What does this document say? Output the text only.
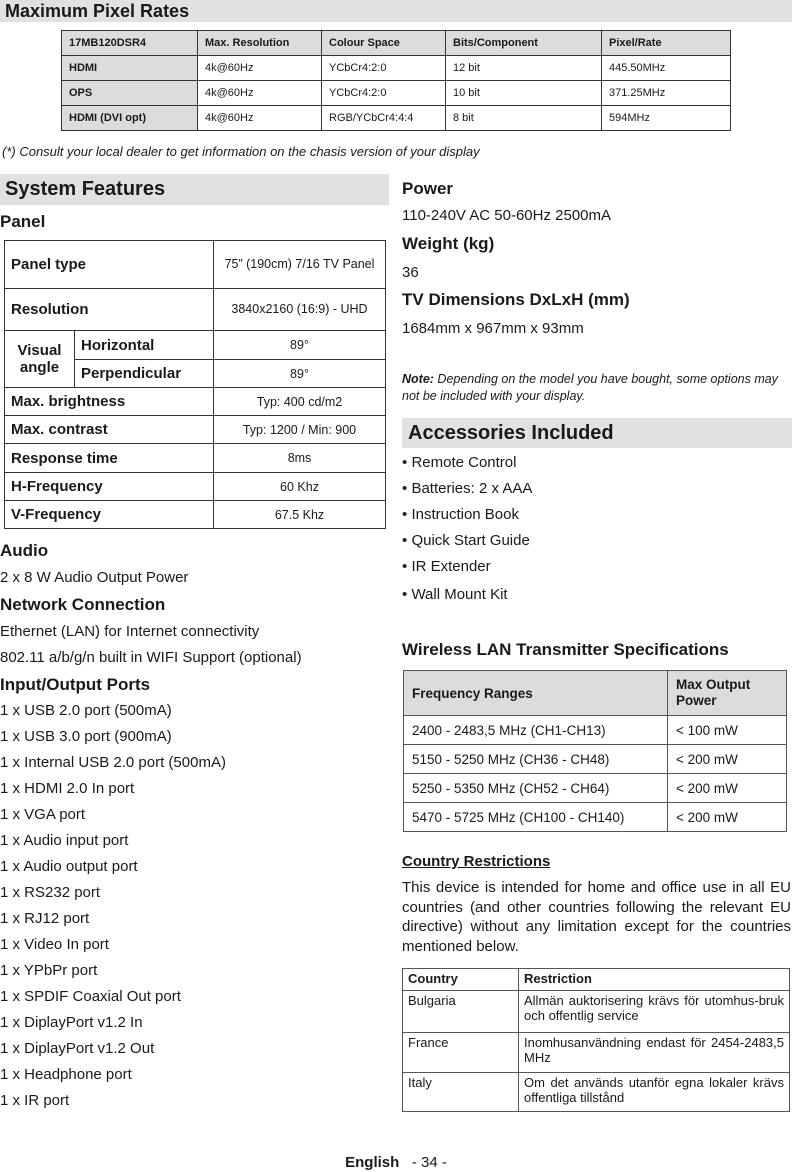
Maximum Pixel Rates
17MB120DSR4	Max. Resolution	Colour Space	Bits/Component	Pixel/Rate
HDMI	4k@60Hz	YCbCr4:2:0	12 bit	445.50MHz
OPS	4k@60Hz	YCbCr4:2:0	10 bit	371.25MHz
HDMI (DVI opt)	4k@60Hz	RGB/YCbCr4:4:4	8 bit	594MHz
(*) Consult your local dealer to get information on the chasis version of your display
System Features
Panel
Panel type		75” (190cm) 7/16 TV Panel
Resolution		3840x2160 (16:9) - UHD
Visual angle	Horizontal	89°
	Perpendicular	89°
Max. brightness		Typ: 400 cd/m2
Max. contrast		Typ: 1200 / Min: 900
Response time		8ms
H-Frequency		60 Khz
V-Frequency		67.5 Khz
Audio
2 x 8 W Audio Output Power
Network Connection
Ethernet (LAN) for Internet connectivity
802.11 a/b/g/n built in WIFI Support (optional)
Input/Output Ports
1 x USB 2.0 port (500mA)
1 x USB 3.0 port (900mA)
1 x Internal USB 2.0 port (500mA)
1 x HDMI 2.0 In port
1 x VGA port
1 x Audio input port
1 x Audio output port
1 x RS232 port
1 x RJ12 port
1 x Video In port
1 x YPbPr port
1 x SPDIF Coaxial Out port
1 x DiplayPort v1.2 In
1 x DiplayPort v1.2 Out
1 x Headphone port
1 x IR port
Power
110-240V AC 50-60Hz 2500mA
Weight (kg)
36
TV Dimensions DxLxH (mm)
1684mm x 967mm x 93mm
Note: Depending on the model you have bought, some options may not be included with your display.
Accessories Included
• Remote Control
• Batteries: 2 x AAA
• Instruction Book
• Quick Start Guide
• IR Extender
• Wall Mount Kit
Wireless LAN Transmitter Specifications
Frequency Ranges	Max Output Power
2400 - 2483,5 MHz (CH1-CH13)	< 100 mW
5150 - 5250 MHz (CH36 - CH48)	< 200 mW
5250 - 5350 MHz (CH52 - CH64)	< 200 mW
5470 - 5725 MHz (CH100 - CH140)	< 200 mW
Country Restrictions
This device is intended for home and office use in all EU countries (and other countries following the relevant EU directive) without any limitation except for the countries mentioned below.
Country	Restriction
Bulgaria	Allmän auktorisering krävs för utomhus-bruk och offentlig service
France	Inomhusanvändning endast för 2454-2483,5 MHz
Italy	Om det används utanför egna lokaler krävs offentliga tillstånd
English - 34 -
